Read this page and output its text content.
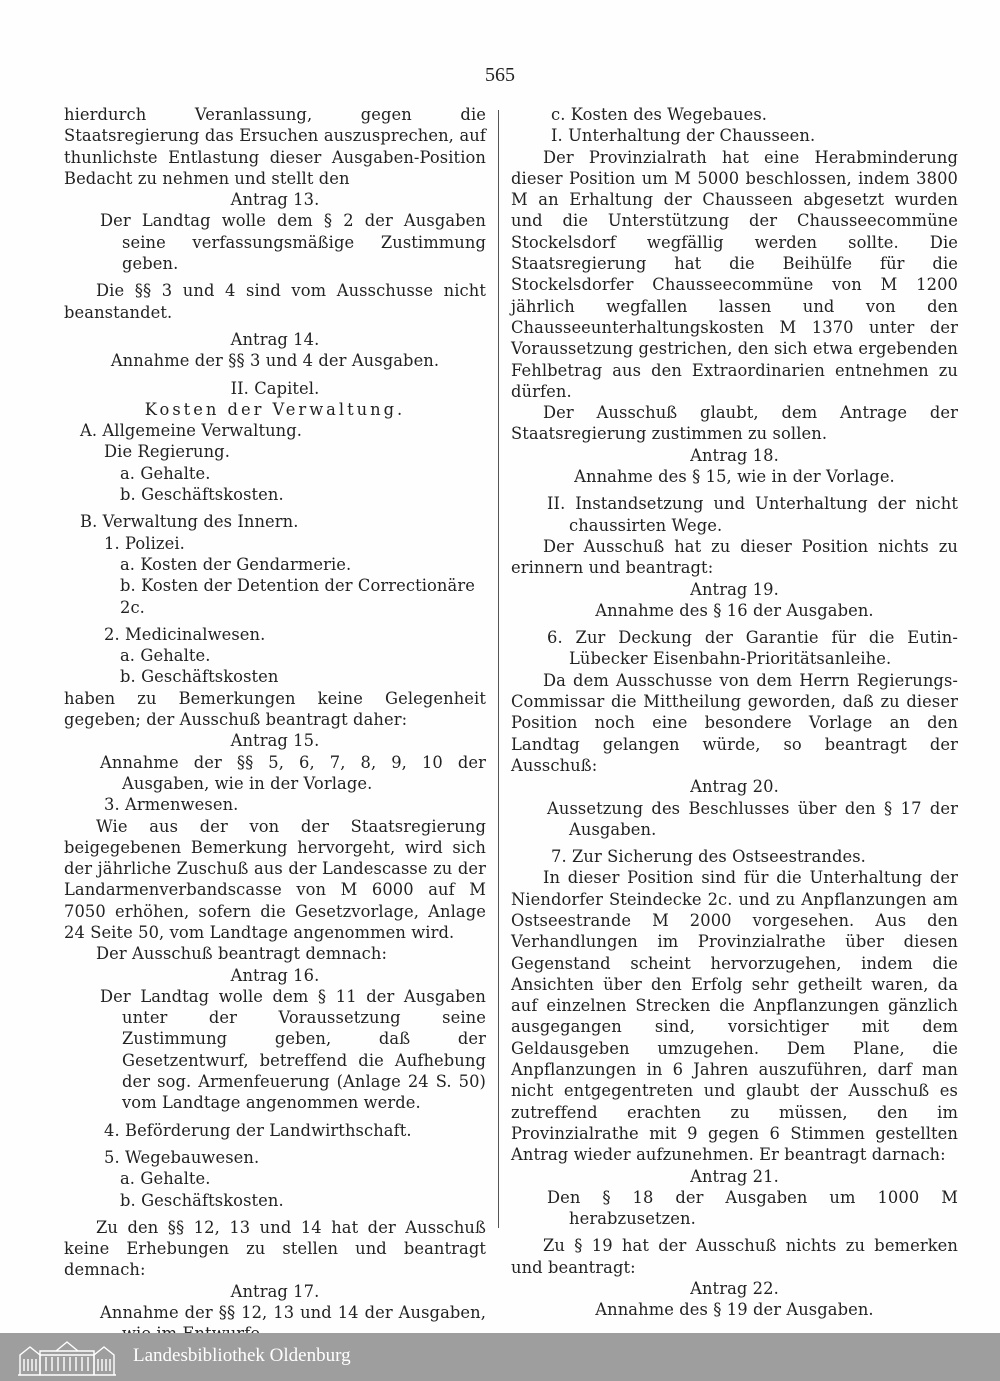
565

hierdurch Veranlassung, gegen die Staatsregierung das Ersuchen auszusprechen, auf thunlichste Entlastung dieser Ausgaben-Position Bedacht zu nehmen und stellt den

Antrag 13.

Der Landtag wolle dem § 2 der Ausgaben seine verfassungsmäßige Zustimmung geben.

Die §§ 3 und 4 sind vom Ausschusse nicht beanstandet.

Antrag 14.

Annahme der §§ 3 und 4 der Ausgaben.

II. Capitel.

Kosten der Verwaltung.

A. Allgemeine Verwaltung.

Die Regierung.

a. Gehalte.

b. Geschäftskosten.

B. Verwaltung des Innern.

1. Polizei.

a. Kosten der Gendarmerie.

b. Kosten der Detention der Correctionäre 2c.

2. Medicinalwesen.

a. Gehalte.

b. Geschäftskosten

haben zu Bemerkungen keine Gelegenheit gegeben; der Ausschuß beantragt daher:

Antrag 15.

Annahme der §§ 5, 6, 7, 8, 9, 10 der Ausgaben, wie in der Vorlage.

3. Armenwesen.

Wie aus der von der Staatsregierung beigegebenen Bemerkung hervorgeht, wird sich der jährliche Zuschuß aus der Landescasse zu der Landarmenverbandscasse von M 6000 auf M 7050 erhöhen, sofern die Gesetzvorlage, Anlage 24 Seite 50, vom Landtage angenommen wird.

Der Ausschuß beantragt demnach:

Antrag 16.

Der Landtag wolle dem § 11 der Ausgaben unter der Voraussetzung seine Zustimmung geben, daß der Gesetzentwurf, betreffend die Aufhebung der sog. Armenfeuerung (Anlage 24 S. 50) vom Landtage angenommen werde.

4. Beförderung der Landwirthschaft.

5. Wegebauwesen.

a. Gehalte.

b. Geschäftskosten.

Zu den §§ 12, 13 und 14 hat der Ausschuß keine Erhebungen zu stellen und beantragt demnach:

Antrag 17.

Annahme der §§ 12, 13 und 14 der Ausgaben,

c. Kosten des Wegebaues.

I. Unterhaltung der Chausseen.

Der Provinzialrath hat eine Herabminderung dieser Position um M 5000 beschlossen, indem 3800 M an Erhaltung der Chausseen abgesetzt wurden und die Unterstützung der Chausseecommüne Stockelsdorf wegfällig werden sollte. Die Staatsregierung hat die Beihülfe für die Stockelsdorfer Chausseecommüne von M 1200 jährlich wegfallen lassen und von den Chausseeunterhaltungskosten M 1370 unter der Voraussetzung gestrichen, den sich etwa ergebenden Fehlbetrag aus den Extraordinarien entnehmen zu dürfen.

Der Ausschuß glaubt, dem Antrage der Staatsregierung zustimmen zu sollen.

Antrag 18.

Annahme des § 15, wie in der Vorlage.

II. Instandsetzung und Unterhaltung der nicht chaussirten Wege.

Der Ausschuß hat zu dieser Position nichts zu erinnern und beantragt:

Antrag 19.

Annahme des § 16 der Ausgaben.

6. Zur Deckung der Garantie für die Eutin-Lübecker Eisenbahn-Prioritätsanleihe.

Da dem Ausschusse von dem Herrn Regierungs-Commissar die Mittheilung geworden, daß zu dieser Position noch eine besondere Vorlage an den Landtag gelangen würde, so beantragt der Ausschuß:

Antrag 20.

Aussetzung des Beschlusses über den § 17 der Ausgaben.

7. Zur Sicherung des Ostseestrandes.

In dieser Position sind für die Unterhaltung der Niendorfer Steindecke 2c. und zu Anpflanzungen am Ostseestrande M 2000 vorgesehen. Aus den Verhandlungen im Provinzialrathe über diesen Gegenstand scheint hervorzugehen, indem die Ansichten über den Erfolg sehr getheilt waren, da auf einzelnen Strecken die Anpflanzungen gänzlich ausgegangen sind, vorsichtiger mit dem Geldausgeben umzugehen. Dem Plane, die Anpflanzungen in 6 Jahren auszuführen, darf man nicht entgegentreten und glaubt der Ausschuß es zutreffend erachten zu müssen, den im Provinzialrathe mit 9 gegen 6 Stimmen gestellten Antrag wieder aufzunehmen. Er beantragt darnach:

Antrag 21.

Den § 18 der Ausgaben um 1000 M herabzusetzen.

Zu § 19 hat der Ausschuß nichts zu bemerken und beantragt:

Antrag 22.

Annahme des § 19 der Ausgaben.

Landesbibliothek Oldenburg
